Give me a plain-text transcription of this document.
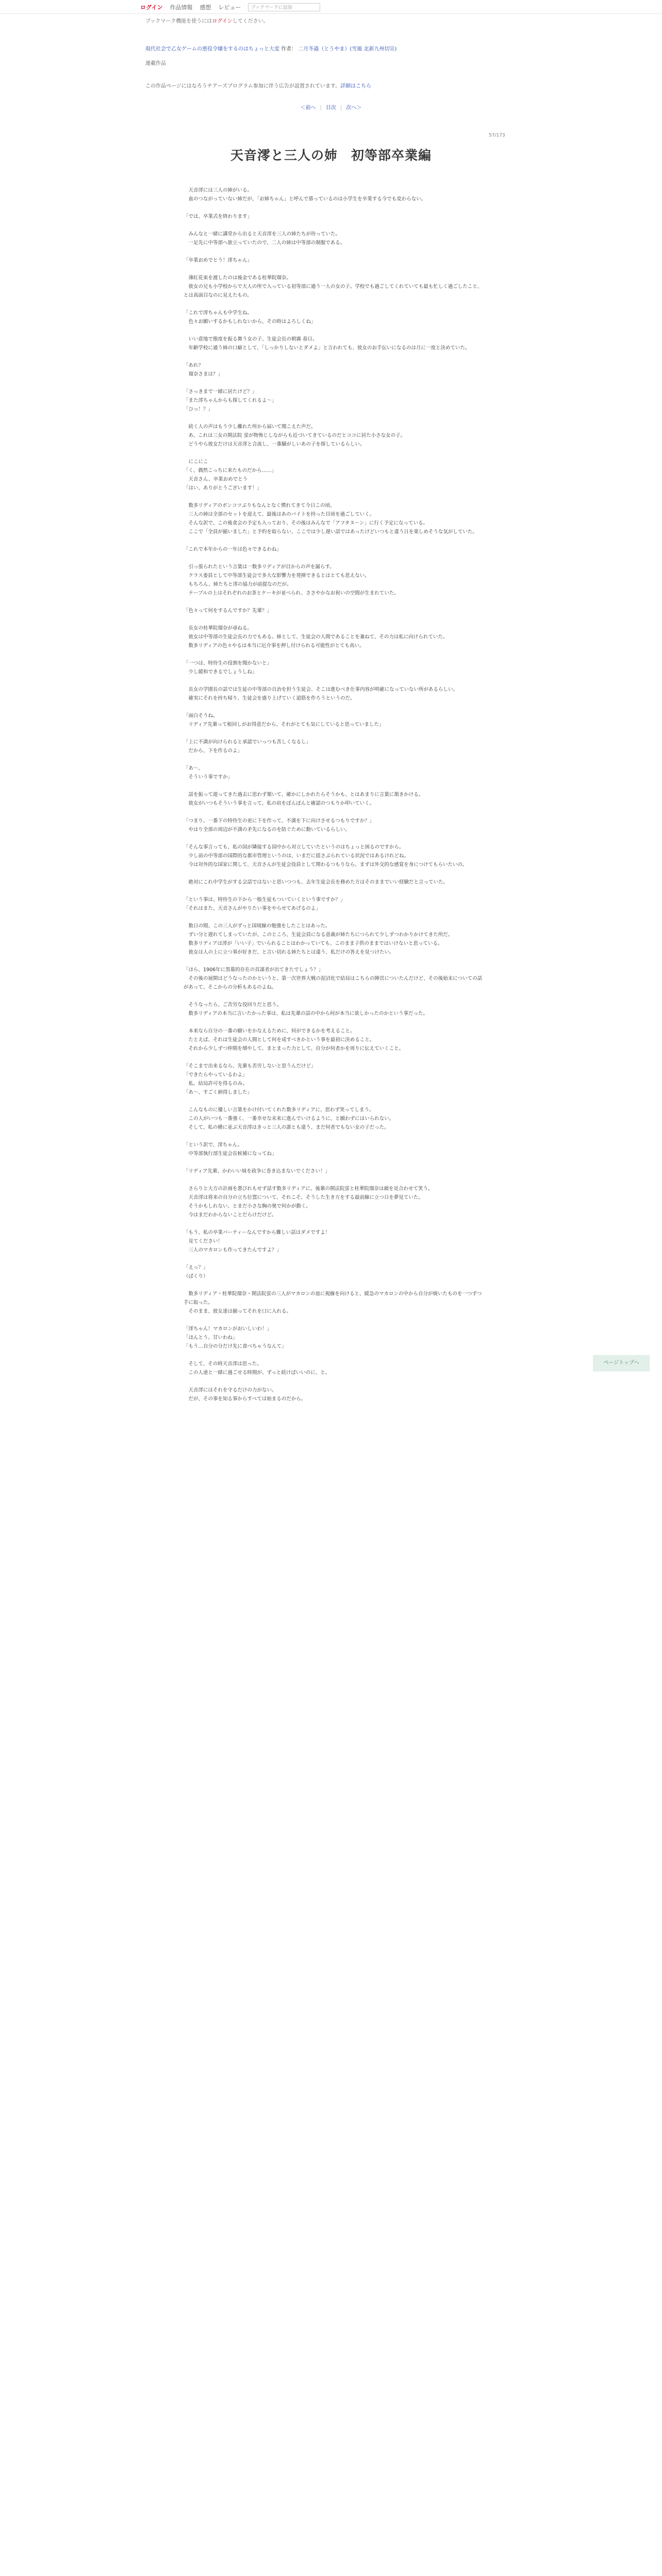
ログイン 作品情報 感想 レビュー	ブックマークに追加
ブックマーク機能を使うにはログインしてください。
現代社会で乙女ゲームの悪役令嬢をするのはちょっと大変 作者： 二月冬蟲（とうやま）(雪風 北新九州切宣)
連載作品
この作品ページにはなろうチアーズプログラム参加に伴う広告が設置されています。詳細はこちら
＜前へ | 目次 | 次へ＞
57/173
天音澪と三人の姉　初等部卒業編

　天音澪には三人の姉がいる。
　血のつながっていない姉だが、「お姉ちゃん」と呼んで慕っているのは小学生を卒業する今でも変わらない。

「では、卒業式を終わります」

　みんなと一緒に講堂から出ると天音澪を三人の姉たちが待っていた。
　一足先に中等部へ旅立っていたので、二人の姉は中等部の制服である。

「卒業おめでとう！澪ちゃん」

　薄紅花束を渡したのは後金である桂華院瑠奈。
　彼女の兄も小学校からで大人の所で入っている初等部に通う一人の女の子。学校でも過ごしてくれていても最も忙しく過ごしたこと、とは真面目なのに見えたもの。

「これで澪ちゃんも中学生ね。
　色々お願いするかもしれないから、その時はよろしくね」

　いい意地で態度を振る舞う女の子、生徒会長の朝霧 春日。
　年齢学校に通う姉の口癖として、「しっかりしないとダメよ」と言われても、彼女のお手伝いになるのは月に一度と決めていた。

「あれ？
　瑠奈さまは？」

「さっきまで一緒に居たけど？」
「また澪ちゃんからも探してくれるよ～」
「ひっ！？」

　続く人の声はもう少し離れた所から届いて聞こえた声だ。
　あ、これは三女の開法院 蛍が物怖じしながらも近づいてきているのだとココに居た小さな女の子。
　どうやら彼女だけは天音澪と合流し、一番騒がしいあの子を探しているらしい。

　にこにこ
「く、偶然こっちに来たものだから……」
　天音さん、卒業おめでとう
「はい、ありがとうございます！」

　数多リディアのポンコツぶりもなんとなく慣れてきて今日この頃。
　三人の姉は全部のセットを迎えて、最後はあのバイトを持った目頃を過ごしていく。
　そんな訳で、この後食会の予定も入っており、その後はみんなで「アフタヌーン」に行く予定になっている。
　ここで「全員が揃いました」と予約を取らない、ここでは少し遅い話ではあったけどいつもと違う日を楽しめそうな気がしていた。

「これで本年からの一年は色々できるわね」

　引っ張られたという言葉は一数多リディアが目からの声を漏らす。
　クラス委員として中等部生徒会で多大な影響力を発揮できるとはとても思えない。
　もちろん、姉たちと澪の協力が前提なのだが。
　テーブルの上はそれぞれのお茶とケーキが並べられ、ささやかなお祝いの空間が生まれていた。

「色々って何をするんですか？先輩？」

　長女の桂華院瑠奈が尋ねる。
　彼女は中等部の生徒会長の力でもある。姉として、生徒会の人間であることを兼ねて、その力は私に向けられていた。
　数多リディアの色々やるは本当に厄介事を押し付けられる可能性がとても高い。

「一つは、特待生の役割を聞かないと」
　少し緩和できるでしょうしね」

　長女の学園長の話では生徒の中等部の自治を担う生徒会、そこは進むべき仕事内容が明確になっていない所があるらしい。
　確実にそれを持ち帰り、生徒会を盛り上げていく道筋を作ろうというのだ。

「面白そうね。
　リディア先輩って根回しがお得意だから、それがとても気にしていると思っていました」

「上に不満が向けられると承認でいっつも苦しくなるし」
　だから、下を作るのよ」

「あ～、
　そういう事ですか」

　話を振って遊ってきた過去に思わず頷いて、確かにしかれたらそうかも、とはあまりに言葉に頷きかける。
　彼女がいつもそういう事を言って、私の肩をぼんぽんと確認のつもりか叩いていく。

「つまり、一番下の特待生の更に下を作って、不満を下に向けさせるつもりですか？」
　やはり全部の周辺が不満の矛先になるのを防ぐために動いているらしい。

「そんな事言っても、私の国が隣接する国中から対立していたというのはちょっと困るのですから。
　少し前の中等部の国際的な都市管理というのは、いまだに揺さぶられている状況ではあるけれどね。
　今は対外的な国家に関して、天音さんが生徒会役員として関わるつもりなら、まずは外交的な感覚を身につけてもらいたいの。

　絶対にこれ中学生がする会話ではないと思いつつも、去年生徒会長を務めた方はそのままでいい経験だと言っていた。

「という事は、特待生の下から一般生徒もついていくという事ですか？」
「それはまた、天音さんがやりたい事をやらせてあげるのよ」

　数日の間、この三人がずっと国境線の勉強をしたことはあった。
　ずい分と遅れてしまっていたが、このところ、生徒会員になる意義が姉たちにつられて少しずつわかりかけてきた所だ。
　数多リディアは澪が「いい子」でいられることはわかっていても、このまま子供のままではいけないと思っている。
　彼女は人の上に立つ事が好きだ、と言い切れる姉たちとは違う、私だけの答えを見つけたい。

「ほら、1906年に黒幕的存在の首謀者が出てきたでしょう？」
　その後の展開はどうなったのかというと、第一次世界大戦の泥沼化で結局はこちらの陣営についたんだけど、その後始末についての話があって、そこからの分析もあるのよね。

　そうなったら、ご苦労な役回りだと思う。
　数多リディアの本当に言いたかった事は、私は先輩の話の中から何が本当に欲しかったのかという事だった。

　本来なら自分の一番の願いをかなえるために、何ができるかを考えること。
　たとえば、それは生徒会の人間として何を成すべきかという事を最初に決めること。
　それから少しずつ仲間を増やして、まとまった力として、自分が何者かを周りに伝えていくこと。

「そこまで出来るなら、先輩も苦労しないと思うんだけど」
「できたらやっているわよ」
　私、結局許可を得るのみ。
「あ～、すごく納得しました」

　こんなものに優しい言葉をかけ付いてくれた数多リディアに、思わず笑ってしまう。
　この人がいつも一番強く、一番幸せな未来に進んでいけるように、と願わずにはいられない。
　そして、私の横に並ぶ天音澪はきっと三人の誰とも違う、まだ何者でもない女の子だった。

「という訳で、澪ちゃん。
　中等部執行部生徒会長候補になってね」

「リディア先輩、かわいい妹を政争に巻き込まないでください！」

　さらりと大方の計画を悪びれもせず話す数多リディアに、後輩の開法院蛍と桂華院瑠奈は顔を見合わせて笑う。
　天音澪は将来の自分の立ち位置について、それこそ、そうした生き方をする最前線に立つ日を夢見ていた。
　そうかもしれない、とまだ小さな胸の奥で何かが動く。
　今はまだわからないことだらけだけど。

「もう、私の卒業パーティーなんですから難しい話はダメですよ！
　見てください！
　三人のマカロンも作ってきたんですよ？」

「えっ？」
（ぱくり）

　数多リディア・桂華院瑠奈・開法院蛍の三人がマカロンの皿に視線を向けると、緩急のマカロンの中から自分が焼いたものを一つずつ手に取った。
　そのまま、彼女達は揃ってそれを口に入れる。

「澪ちゃん！マカロンがおいしいわ！」
「ほんとう、甘いわね」
「もう…自分の分だけ先に食べちゃうなんて」

　そして、その時天音澪は思った。
　この人達と一緒に過ごせる時間が、ずっと続けばいいのに、と。

　天音澪にはそれを守るだけの力がない。
　だが、その事を知る事からすべては始まるのだから。

ページトップへ
